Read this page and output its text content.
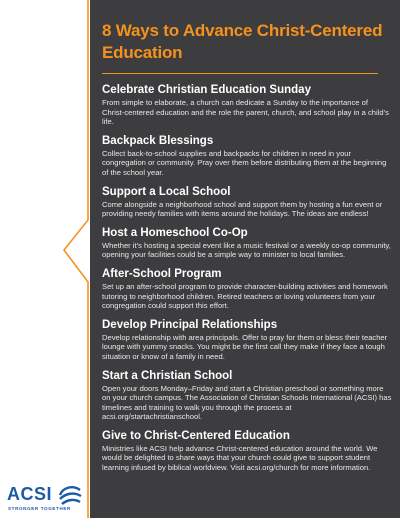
8 Ways to Advance Christ-Centered Education
Celebrate Christian Education Sunday

From simple to elaborate, a church can dedicate a Sunday to the importance of Christ-centered education and the role the parent, church, and school play in a child’s life.

Backpack Blessings

Collect back-to-school supplies and backpacks for children in need in your congregation or community. Pray over them before distributing them at the beginning of the school year.

Support a Local School

Come alongside a neighborhood school and support them by hosting a fun event or providing needy families with items around the holidays. The ideas are endless!

Host a Homeschool Co-Op

Whether it’s hosting a special event like a music festival or a weekly co-op community, opening your facilities could be a simple way to minister to local families.

After-School Program

Set up an after-school program to provide character-building activities and homework tutoring to neighborhood children. Retired teachers or loving volunteers from your congregation could support this effort.

Develop Principal Relationships

Develop relationship with area principals. Offer to pray for them or bless their teacher lounge with yummy snacks. You might be the first call they make if they face a tough situation or know of a family in need.

Start a Christian School

Open your doors Monday–Friday and start a Christian preschool or something more on your church campus. The Association of Christian Schools International (ACSI) has timelines and training to walk you through the process at acsi.org/startachristianschool.

Give to Christ-Centered Education

Ministries like ACSI help advance Christ-centered education around the world. We would be delighted to share ways that your church could give to support student learning infused by biblical worldview. Visit acsi.org/church for more information.

ACSI
STRONGER TOGETHER
